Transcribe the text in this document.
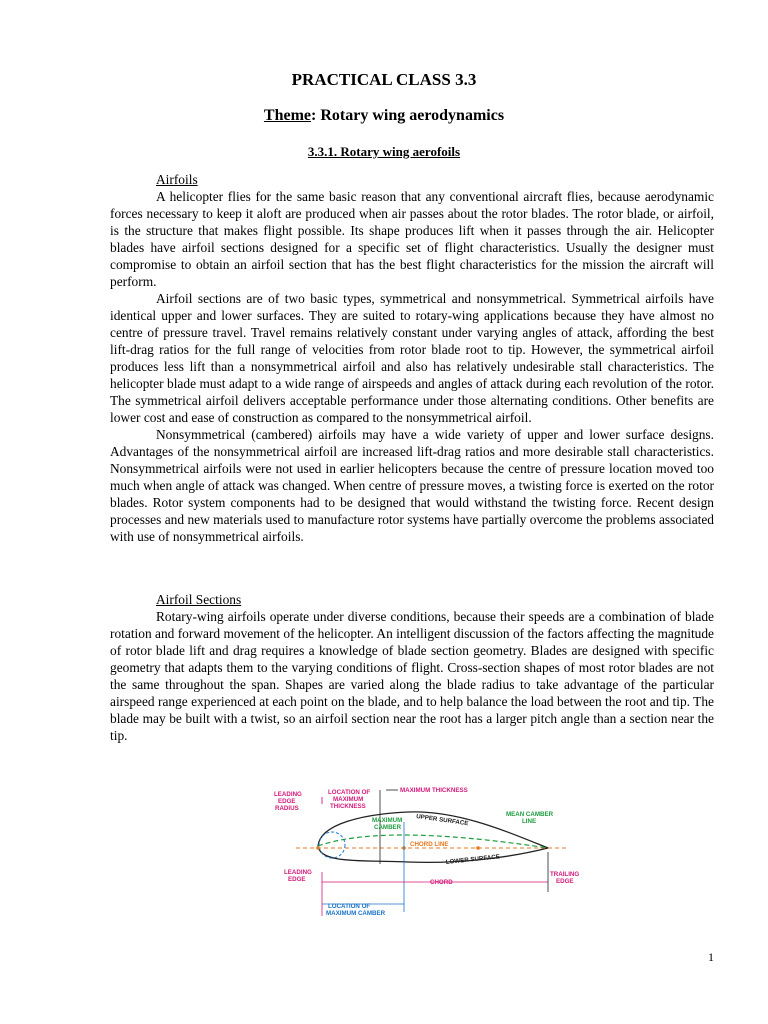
PRACTICAL CLASS 3.3
Theme: Rotary wing aerodynamics
3.3.1. Rotary wing aerofoils
Airfoils

A helicopter flies for the same basic reason that any conventional aircraft flies, because aerodynamic forces necessary to keep it aloft are produced when air passes about the rotor blades. The rotor blade, or airfoil, is the structure that makes flight possible. Its shape produces lift when it passes through the air. Helicopter blades have airfoil sections designed for a specific set of flight characteristics. Usually the designer must compromise to obtain an airfoil section that has the best flight characteristics for the mission the aircraft will perform.

Airfoil sections are of two basic types, symmetrical and nonsymmetrical. Symmetrical airfoils have identical upper and lower surfaces. They are suited to rotary-wing applications because they have almost no centre of pressure travel. Travel remains relatively constant under varying angles of attack, affording the best lift-drag ratios for the full range of velocities from rotor blade root to tip. However, the symmetrical airfoil produces less lift than a nonsymmetrical airfoil and also has relatively undesirable stall characteristics. The helicopter blade must adapt to a wide range of airspeeds and angles of attack during each revolution of the rotor. The symmetrical airfoil delivers acceptable performance under those alternating conditions. Other benefits are lower cost and ease of construction as compared to the nonsymmetrical airfoil.

Nonsymmetrical (cambered) airfoils may have a wide variety of upper and lower surface designs. Advantages of the nonsymmetrical airfoil are increased lift-drag ratios and more desirable stall characteristics. Nonsymmetrical airfoils were not used in earlier helicopters because the centre of pressure location moved too much when angle of attack was changed. When centre of pressure moves, a twisting force is exerted on the rotor blades. Rotor system components had to be designed that would withstand the twisting force. Recent design processes and new materials used to manufacture rotor systems have partially overcome the problems associated with use of nonsymmetrical airfoils.

Airfoil Sections

Rotary-wing airfoils operate under diverse conditions, because their speeds are a combination of blade rotation and forward movement of the helicopter. An intelligent discussion of the factors affecting the magnitude of rotor blade lift and drag requires a knowledge of blade section geometry. Blades are designed with specific geometry that adapts them to the varying conditions of flight. Cross-section shapes of most rotor blades are not the same throughout the span. Shapes are varied along the blade radius to take advantage of the particular airspeed range experienced at each point on the blade, and to help balance the load between the root and tip. The blade may be built with a twist, so an airfoil section near the root has a larger pitch angle than a section near the tip.

LEADING EDGE RADIUS
LOCATION OF MAXIMUM THICKNESS
MAXIMUM THICKNESS
UPPER SURFACE
MAXIMUM CAMBER
MEAN CAMBER LINE
CHORD LINE
LOWER SURFACE
LEADING EDGE	CHORD
TRAILING EDGE
LOCATION OF MAXIMUM CAMBER
1
